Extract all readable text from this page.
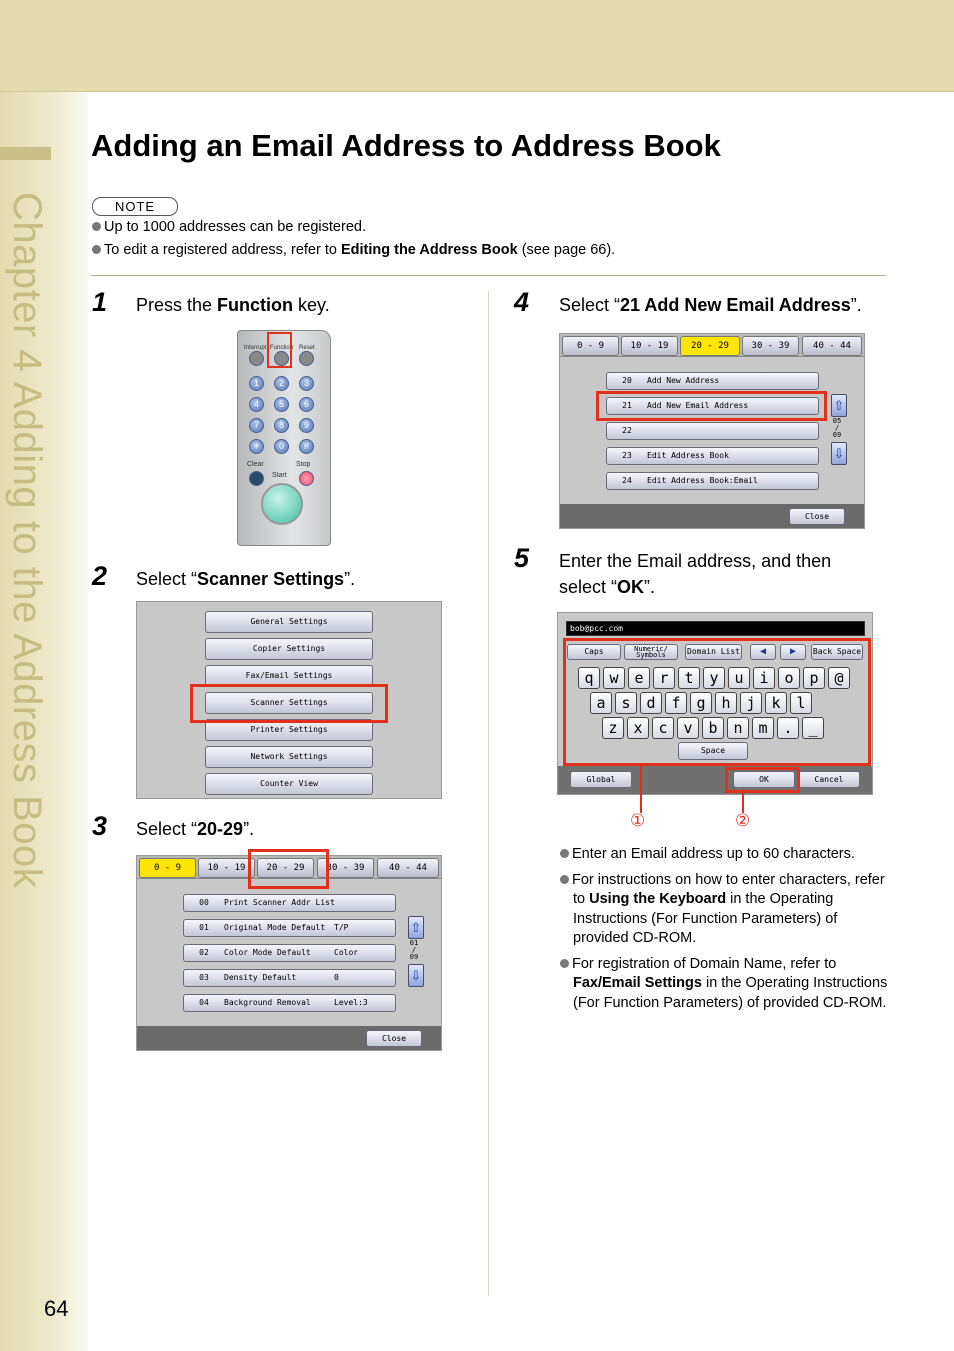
Chapter 4 Adding to the Address Book
64
Adding an Email Address to Address Book
NOTE
Up to 1000 addresses can be registered.
To edit a registered address, refer to Editing the Address Book (see page 66).
1 Press the Function key.
Interrupt Function Reset
1	2	3
4	5	6
7	8	9
✳	0	#
Clear	Stop
Start
2 Select “Scanner Settings”.
General Settings
Copier Settings
Fax/Email Settings
Scanner Settings
Printer Settings
Network Settings
Counter View
3 Select “20-29”.
0 - 9	10 - 19	20 - 29	30 - 39	40 - 44
00 Print Scanner Addr List
01 Original Mode Default T/P
02 Color Mode Default	Color
03 Density Default	0
04 Background Removal	Level:3
⇧
01
/
09
⇩
Close
4 Select “21 Add New Email Address”.
0 - 9	10 - 19	20 - 29	30 - 39	40 - 44
20 Add New Address
21 Add New Email Address
22
23 Edit Address Book
24 Edit Address Book:Email
⇧
05
/
09
⇩
Close
5 Enter the Email address, and then select “OK”.
bob@pcc.com
Caps	Numeric/
Symbols	Domain List	◀	▶	Back Space
q	w	e	r	t	y	u	i	o	p	@
a	s	d	f	g	h	j	k	l
z	x	c	v	b	n	m	.	_
Space
Global	OK	Cancel
①	②
Enter an Email address up to 60 characters.
For instructions on how to enter characters, refer to Using the Keyboard in the Operating Instructions (For Function Parameters) of provided CD-ROM.
For registration of Domain Name, refer to Fax/Email Settings in the Operating Instructions (For Function Parameters) of provided CD-ROM.
